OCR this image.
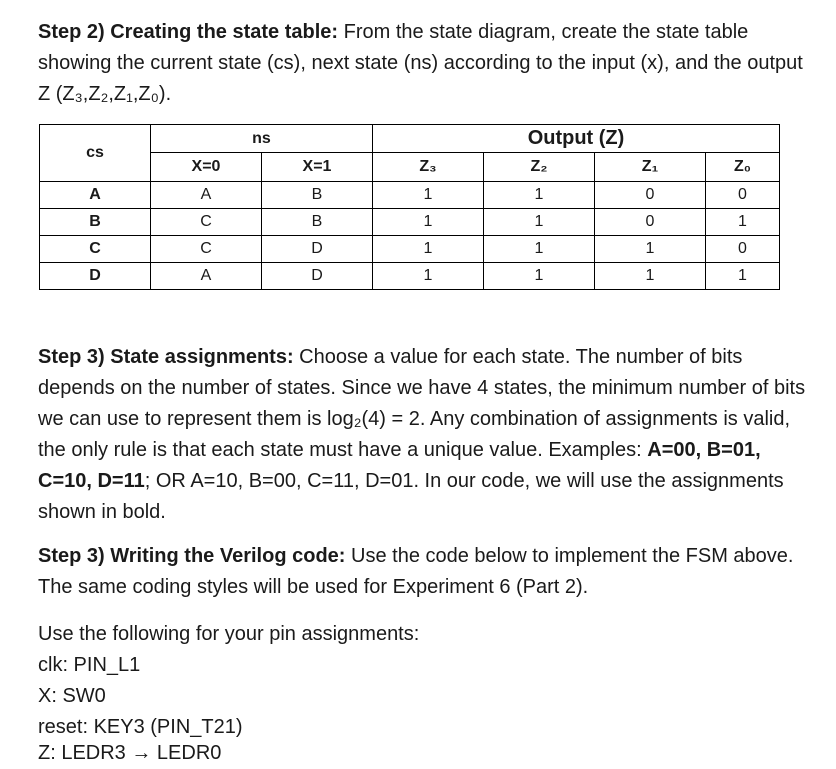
Step 2) Creating the state table: From the state diagram, create the state table showing the current state (cs), next state (ns) according to the input (x), and the output Z (Z₃,Z₂,Z₁,Z₀).
cs	ns		Output (Z)			
	X=0	X=1	Z₃	Z₂	Z₁	Z₀
A	A	B	1	1	0	0
B	C	B	1	1	0	1
C	C	D	1	1	1	0
D	A	D	1	1	1	1
Step 3) State assignments: Choose a value for each state. The number of bits depends on the number of states. Since we have 4 states, the minimum number of bits we can use to represent them is log₂(4) = 2. Any combination of assignments is valid, the only rule is that each state must have a unique value. Examples: A=00, B=01, C=10, D=11; OR A=10, B=00, C=11, D=01. In our code, we will use the assignments shown in bold.
Step 3) Writing the Verilog code: Use the code below to implement the FSM above. The same coding styles will be used for Experiment 6 (Part 2).
Use the following for your pin assignments:
clk: PIN_L1
X: SW0
reset: KEY3 (PIN_T21)
Z: LEDR3 → LEDR0
